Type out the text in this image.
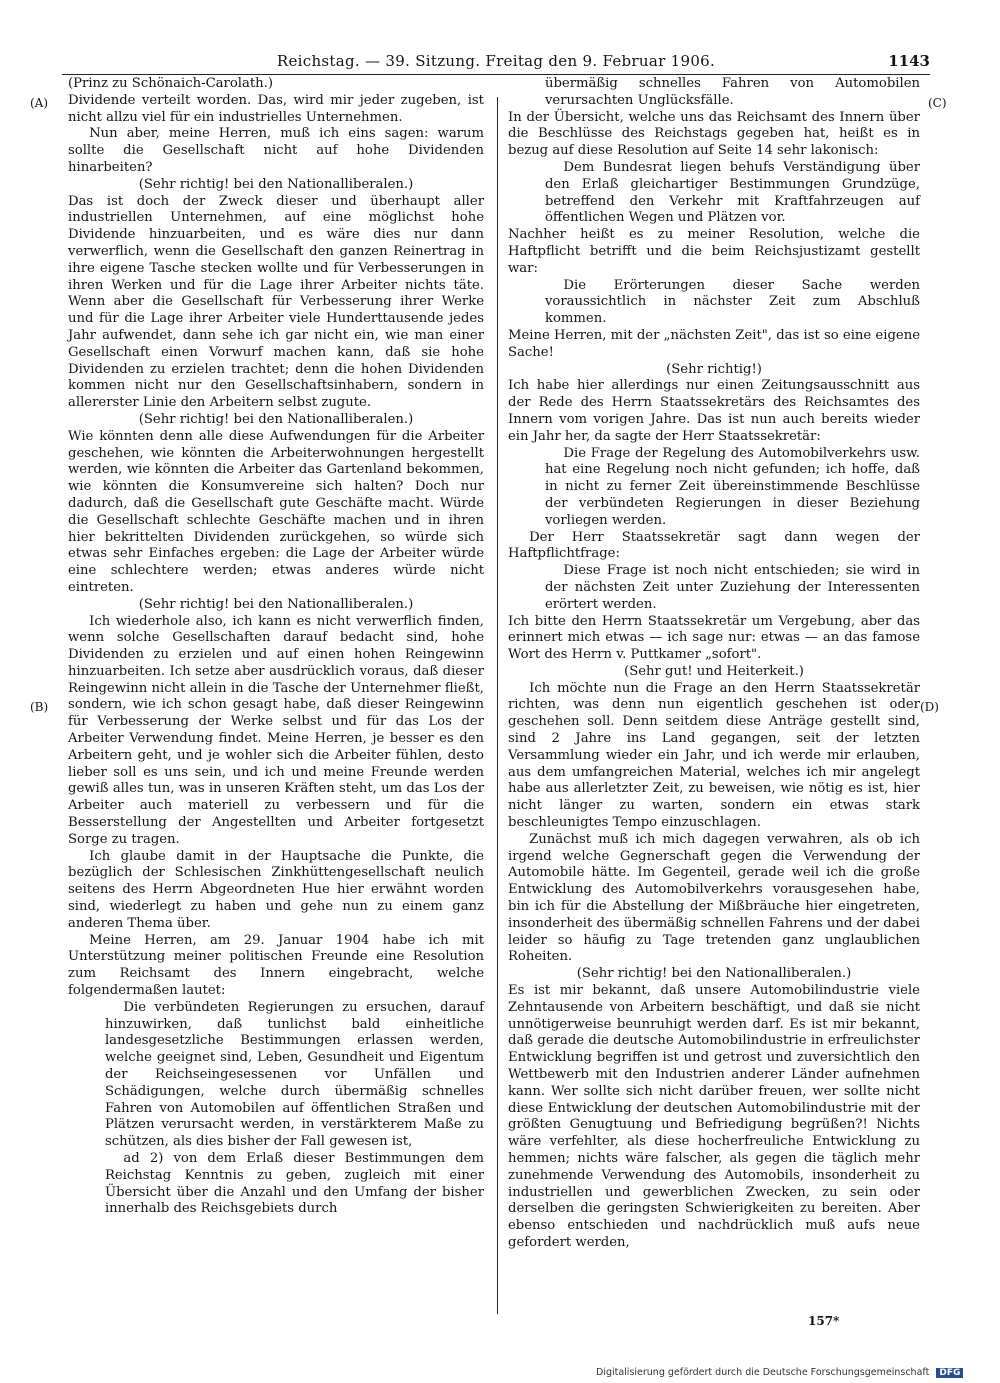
Reichstag. — 39. Sitzung. Freitag den 9. Februar 1906.	1143
(A)
(B)
(C)
(D)

(Prinz zu Schönaich-Carolath.)

Dividende verteilt worden. Das, wird mir jeder zugeben, ist nicht allzu viel für ein industrielles Unternehmen.

Nun aber, meine Herren, muß ich eins sagen: warum sollte die Gesellschaft nicht auf hohe Dividenden hinarbeiten?

(Sehr richtig! bei den Nationalliberalen.)

Das ist doch der Zweck dieser und überhaupt aller industriellen Unternehmen, auf eine möglichst hohe Dividende hinzuarbeiten, und es wäre dies nur dann verwerflich, wenn die Gesellschaft den ganzen Reinertrag in ihre eigene Tasche stecken wollte und für Verbesserungen in ihren Werken und für die Lage ihrer Arbeiter nichts täte. Wenn aber die Gesellschaft für Verbesserung ihrer Werke und für die Lage ihrer Arbeiter viele Hunderttausende jedes Jahr aufwendet, dann sehe ich gar nicht ein, wie man einer Gesellschaft einen Vorwurf machen kann, daß sie hohe Dividenden zu erzielen trachtet; denn die hohen Dividenden kommen nicht nur den Gesellschaftsinhabern, sondern in allererster Linie den Arbeitern selbst zugute.

(Sehr richtig! bei den Nationalliberalen.)

Wie könnten denn alle diese Aufwendungen für die Arbeiter geschehen, wie könnten die Arbeiterwohnungen hergestellt werden, wie könnten die Arbeiter das Gartenland bekommen, wie könnten die Konsumvereine sich halten? Doch nur dadurch, daß die Gesellschaft gute Geschäfte macht. Würde die Gesellschaft schlechte Geschäfte machen und in ihren hier bekrittelten Dividenden zurückgehen, so würde sich etwas sehr Einfaches ergeben: die Lage der Arbeiter würde eine schlechtere werden; etwas anderes würde nicht eintreten.

(Sehr richtig! bei den Nationalliberalen.)

Ich wiederhole also, ich kann es nicht verwerflich finden, wenn solche Gesellschaften darauf bedacht sind, hohe Dividenden zu erzielen und auf einen hohen Reingewinn hinzuarbeiten. Ich setze aber ausdrücklich voraus, daß dieser Reingewinn nicht allein in die Tasche der Unternehmer fließt, sondern, wie ich schon gesagt habe, daß dieser Reingewinn für Verbesserung der Werke selbst und für das Los der Arbeiter Verwendung findet. Meine Herren, je besser es den Arbeitern geht, und je wohler sich die Arbeiter fühlen, desto lieber soll es uns sein, und ich und meine Freunde werden gewiß alles tun, was in unseren Kräften steht, um das Los der Arbeiter auch materiell zu verbessern und für die Besserstellung der Angestellten und Arbeiter fortgesetzt Sorge zu tragen.

Ich glaube damit in der Hauptsache die Punkte, die bezüglich der Schlesischen Zinkhüttengesellschaft neulich seitens des Herrn Abgeordneten Hue hier erwähnt worden sind, wiederlegt zu haben und gehe nun zu einem ganz anderen Thema über.

Meine Herren, am 29. Januar 1904 habe ich mit Unterstützung meiner politischen Freunde eine Resolution zum Reichsamt des Innern eingebracht, welche folgendermaßen lautet:

Die verbündeten Regierungen zu ersuchen, darauf hinzuwirken, daß tunlichst bald einheitliche landesgesetzliche Bestimmungen erlassen werden, welche geeignet sind, Leben, Gesundheit und Eigentum der Reichseingesessenen vor Unfällen und Schädigungen, welche durch übermäßig schnelles Fahren von Automobilen auf öffentlichen Straßen und Plätzen verursacht werden, in verstärkterem Maße zu schützen, als dies bisher der Fall gewesen ist,

ad 2) von dem Erlaß dieser Bestimmungen dem Reichstag Kenntnis zu geben, zugleich mit einer Übersicht über die Anzahl und den Umfang der bisher innerhalb des Reichsgebiets durch

übermäßig schnelles Fahren von Automobilen verursachten Unglücksfälle.

In der Übersicht, welche uns das Reichsamt des Innern über die Beschlüsse des Reichstags gegeben hat, heißt es in bezug auf diese Resolution auf Seite 14 sehr lakonisch:

Dem Bundesrat liegen behufs Verständigung über den Erlaß gleichartiger Bestimmungen Grundzüge, betreffend den Verkehr mit Kraftfahrzeugen auf öffentlichen Wegen und Plätzen vor.

Nachher heißt es zu meiner Resolution, welche die Haftpflicht betrifft und die beim Reichsjustizamt gestellt war:

Die Erörterungen dieser Sache werden voraussichtlich in nächster Zeit zum Abschluß kommen.

Meine Herren, mit der „nächsten Zeit", das ist so eine eigene Sache!

(Sehr richtig!)

Ich habe hier allerdings nur einen Zeitungsausschnitt aus der Rede des Herrn Staatssekretärs des Reichsamtes des Innern vom vorigen Jahre. Das ist nun auch bereits wieder ein Jahr her, da sagte der Herr Staatssekretär:

Die Frage der Regelung des Automobilverkehrs usw. hat eine Regelung noch nicht gefunden; ich hoffe, daß in nicht zu ferner Zeit übereinstimmende Beschlüsse der verbündeten Regierungen in dieser Beziehung vorliegen werden.

Der Herr Staatssekretär sagt dann wegen der Haftpflichtfrage:

Diese Frage ist noch nicht entschieden; sie wird in der nächsten Zeit unter Zuziehung der Interessenten erörtert werden.

Ich bitte den Herrn Staatssekretär um Vergebung, aber das erinnert mich etwas — ich sage nur: etwas — an das famose Wort des Herrn v. Puttkamer „sofort".

(Sehr gut! und Heiterkeit.)

Ich möchte nun die Frage an den Herrn Staatssekretär richten, was denn nun eigentlich geschehen ist oder geschehen soll. Denn seitdem diese Anträge gestellt sind, sind 2 Jahre ins Land gegangen, seit der letzten Versammlung wieder ein Jahr, und ich werde mir erlauben, aus dem umfangreichen Material, welches ich mir angelegt habe aus allerletzter Zeit, zu beweisen, wie nötig es ist, hier nicht länger zu warten, sondern ein etwas stark beschleunigtes Tempo einzuschlagen.

Zunächst muß ich mich dagegen verwahren, als ob ich irgend welche Gegnerschaft gegen die Verwendung der Automobile hätte. Im Gegenteil, gerade weil ich die große Entwicklung des Automobilverkehrs vorausgesehen habe, bin ich für die Abstellung der Mißbräuche hier eingetreten, insonderheit des übermäßig schnellen Fahrens und der dabei leider so häufig zu Tage tretenden ganz unglaublichen Roheiten.

(Sehr richtig! bei den Nationalliberalen.)

Es ist mir bekannt, daß unsere Automobilindustrie viele Zehntausende von Arbeitern beschäftigt, und daß sie nicht unnötigerweise beunruhigt werden darf. Es ist mir bekannt, daß gerade die deutsche Automobilindustrie in erfreulichster Entwicklung begriffen ist und getrost und zuversichtlich den Wettbewerb mit den Industrien anderer Länder aufnehmen kann. Wer sollte sich nicht darüber freuen, wer sollte nicht diese Entwicklung der deutschen Automobilindustrie mit der größten Genugtuung und Befriedigung begrüßen?! Nichts wäre verfehlter, als diese hocherfreuliche Entwicklung zu hemmen; nichts wäre falscher, als gegen die täglich mehr zunehmende Verwendung des Automobils, insonderheit zu industriellen und gewerblichen Zwecken, zu sein oder derselben die geringsten Schwierigkeiten zu bereiten. Aber ebenso entschieden und nachdrücklich muß aufs neue gefordert werden,

157*
Digitalisierung gefördert durch die Deutsche Forschungsgemeinschaft DFG
